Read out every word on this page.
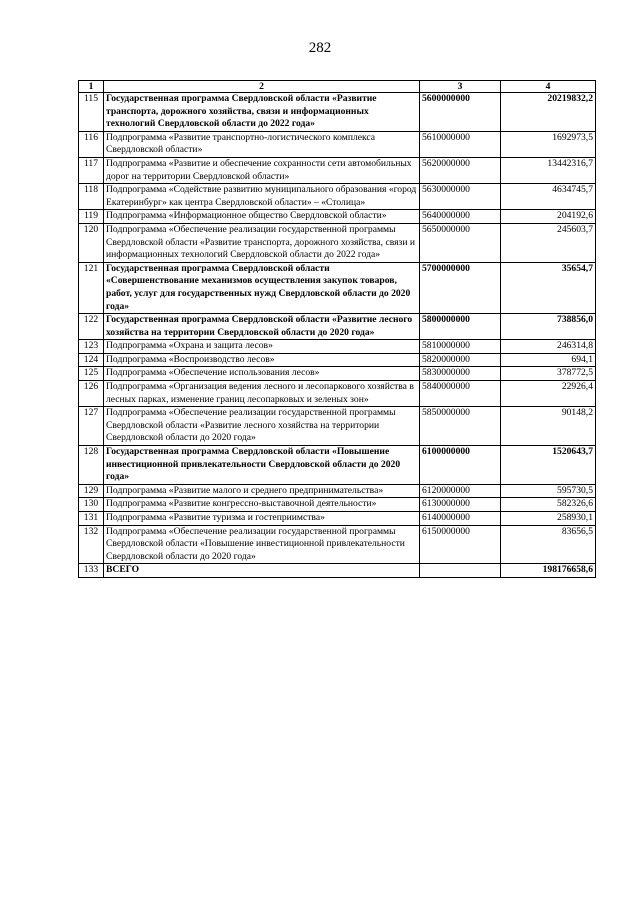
282
1	2	3	4
115	Государственная программа Свердловской области «Развитие транспорта, дорожного хозяйства, связи и информационных технологий Свердловской области до 2022 года»	5600000000	20219832,2
116	Подпрограмма «Развитие транспортно-логистического комплекса Свердловской области»	5610000000	1692973,5
117	Подпрограмма «Развитие и обеспечение сохранности сети автомобильных дорог на территории Свердловской области»	5620000000	13442316,7
118	Подпрограмма «Содействие развитию муниципального образования «город Екатеринбург» как центра Свердловской области» – «Столица»	5630000000	4634745,7
119	Подпрограмма «Информационное общество Свердловской области»	5640000000	204192,6
120	Подпрограмма «Обеспечение реализации государственной программы Свердловской области «Развитие транспорта, дорожного хозяйства, связи и информационных технологий Свердловской области до 2022 года»	5650000000	245603,7
121	Государственная программа Свердловской области «Совершенствование механизмов осуществления закупок товаров, работ, услуг для государственных нужд Свердловской области до 2020 года»	5700000000	35654,7
122	Государственная программа Свердловской области «Развитие лесного хозяйства на территории Свердловской области до 2020 года»	5800000000	738856,0
123	Подпрограмма «Охрана и защита лесов»	5810000000	246314,8
124	Подпрограмма «Воспроизводство лесов»	5820000000	694,1
125	Подпрограмма «Обеспечение использования лесов»	5830000000	378772,5
126	Подпрограмма «Организация ведения лесного и лесопаркового хозяйства в лесных парках, изменение границ лесопарковых и зеленых зон»	5840000000	22926,4
127	Подпрограмма «Обеспечение реализации государственной программы Свердловской области «Развитие лесного хозяйства на территории Свердловской области до 2020 года»	5850000000	90148,2
128	Государственная программа Свердловской области «Повышение инвестиционной привлекательности Свердловской области до 2020 года»	6100000000	1520643,7
129	Подпрограмма «Развитие малого и среднего предпринимательства»	6120000000	595730,5
130	Подпрограмма «Развитие конгрессно-выставочной деятельности»	6130000000	582326,6
131	Подпрограмма «Развитие туризма и гостеприимства»	6140000000	258930,1
132	Подпрограмма «Обеспечение реализации государственной программы Свердловской области «Повышение инвестиционной привлекательности Свердловской области до 2020 года»	6150000000	83656,5
133	ВСЕГО		198176658,6
